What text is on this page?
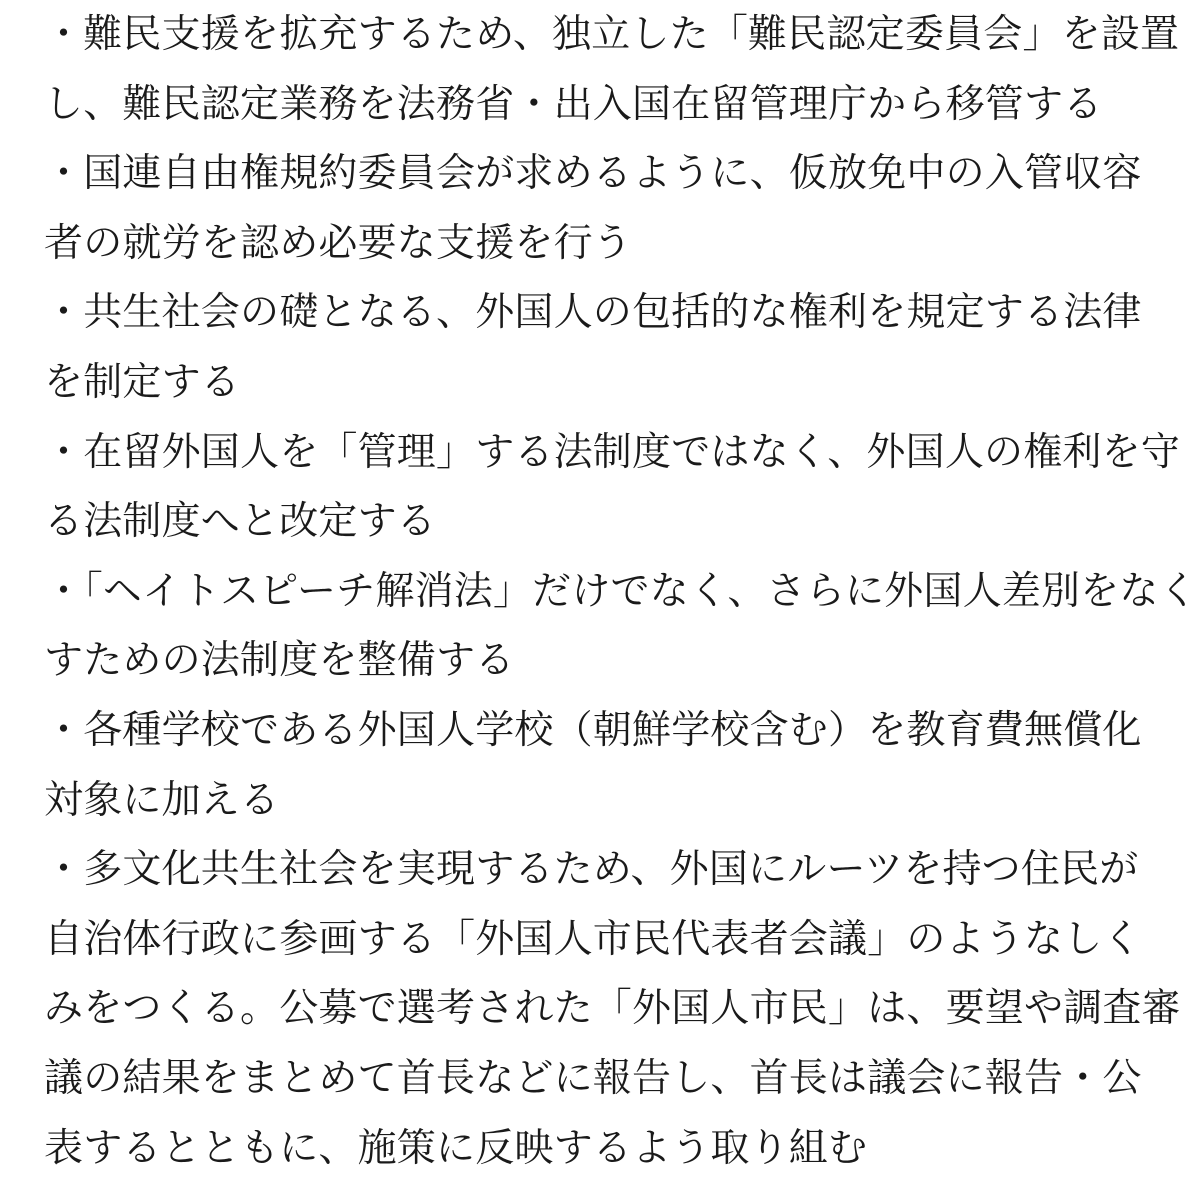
・難民支援を拡充するため、独立した「難民認定委員会」を設置
し、難民認定業務を法務省・出入国在留管理庁から移管する
・国連自由権規約委員会が求めるように、仮放免中の入管収容
者の就労を認め必要な支援を行う
・共生社会の礎となる、外国人の包括的な権利を規定する法律
を制定する
・在留外国人を「管理」する法制度ではなく、外国人の権利を守
る法制度へと改定する
・「ヘイトスピーチ解消法」だけでなく、さらに外国人差別をなく
すための法制度を整備する
・各種学校である外国人学校（朝鮮学校含む）を教育費無償化
対象に加える
・多文化共生社会を実現するため、外国にルーツを持つ住民が
自治体行政に参画する「外国人市民代表者会議」のようなしく
みをつくる。公募で選考された「外国人市民」は、要望や調査審
議の結果をまとめて首長などに報告し、首長は議会に報告・公
表するとともに、施策に反映するよう取り組む
